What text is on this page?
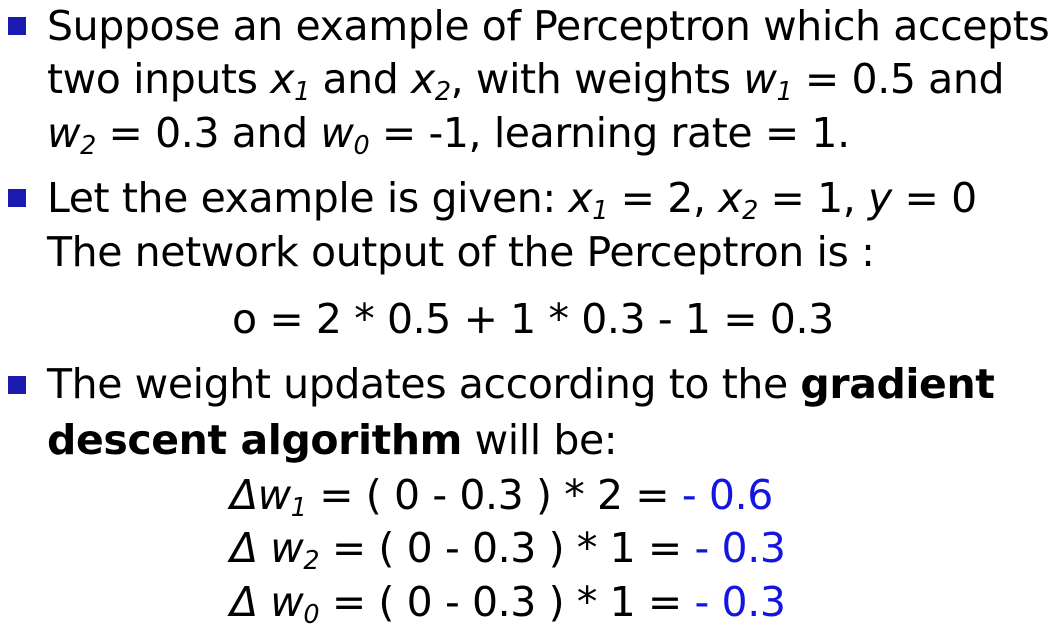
Suppose an example of Perceptron which accepts
two inputs $x_1$ and $x_2$, with weights $w_1 = 0.5$ and
$w_2 = 0.3$ and $w_0 = -1$, learning rate = 1.
Let the example is given: $x_1 = 2$, $x_2 = 1$, y = 0
The network output of the Perceptron is :
o = 2 * 0.5 + 1 * 0.3 - 1 = 0.3
The weight updates according to the gradient
descent algorithm will be:
$\Delta w_1$ = ( 0 - 0.3 ) * 2 = - 0.6
Δ $w_2$ = ( 0 - 0.3 ) * 1 = - 0.3
Δ $w_0$ = ( 0 - 0.3 ) * 1 = - 0.3
